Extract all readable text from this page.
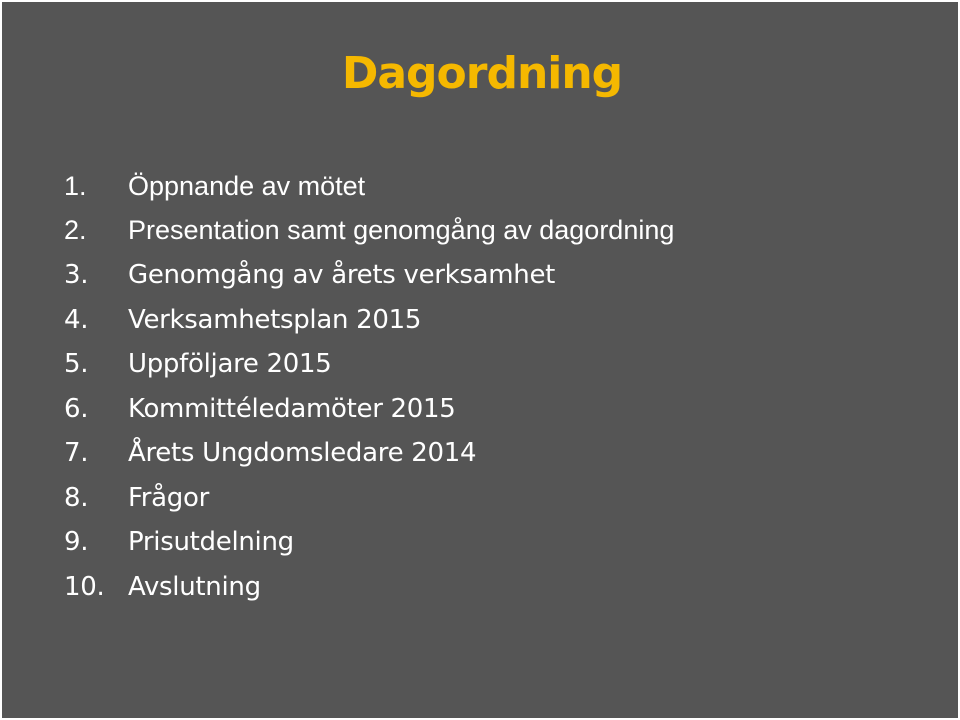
Dagordning
1.	Öppnande av mötet
2.	Presentation samt genomgång av dagordning
3.	Genomgång av årets verksamhet
4.	Verksamhetsplan 2015
5.	Uppföljare 2015
6.	Kommittéledamöter 2015
7.	Årets Ungdomsledare 2014
8.	Frågor
9.	Prisutdelning
10. Avslutning
